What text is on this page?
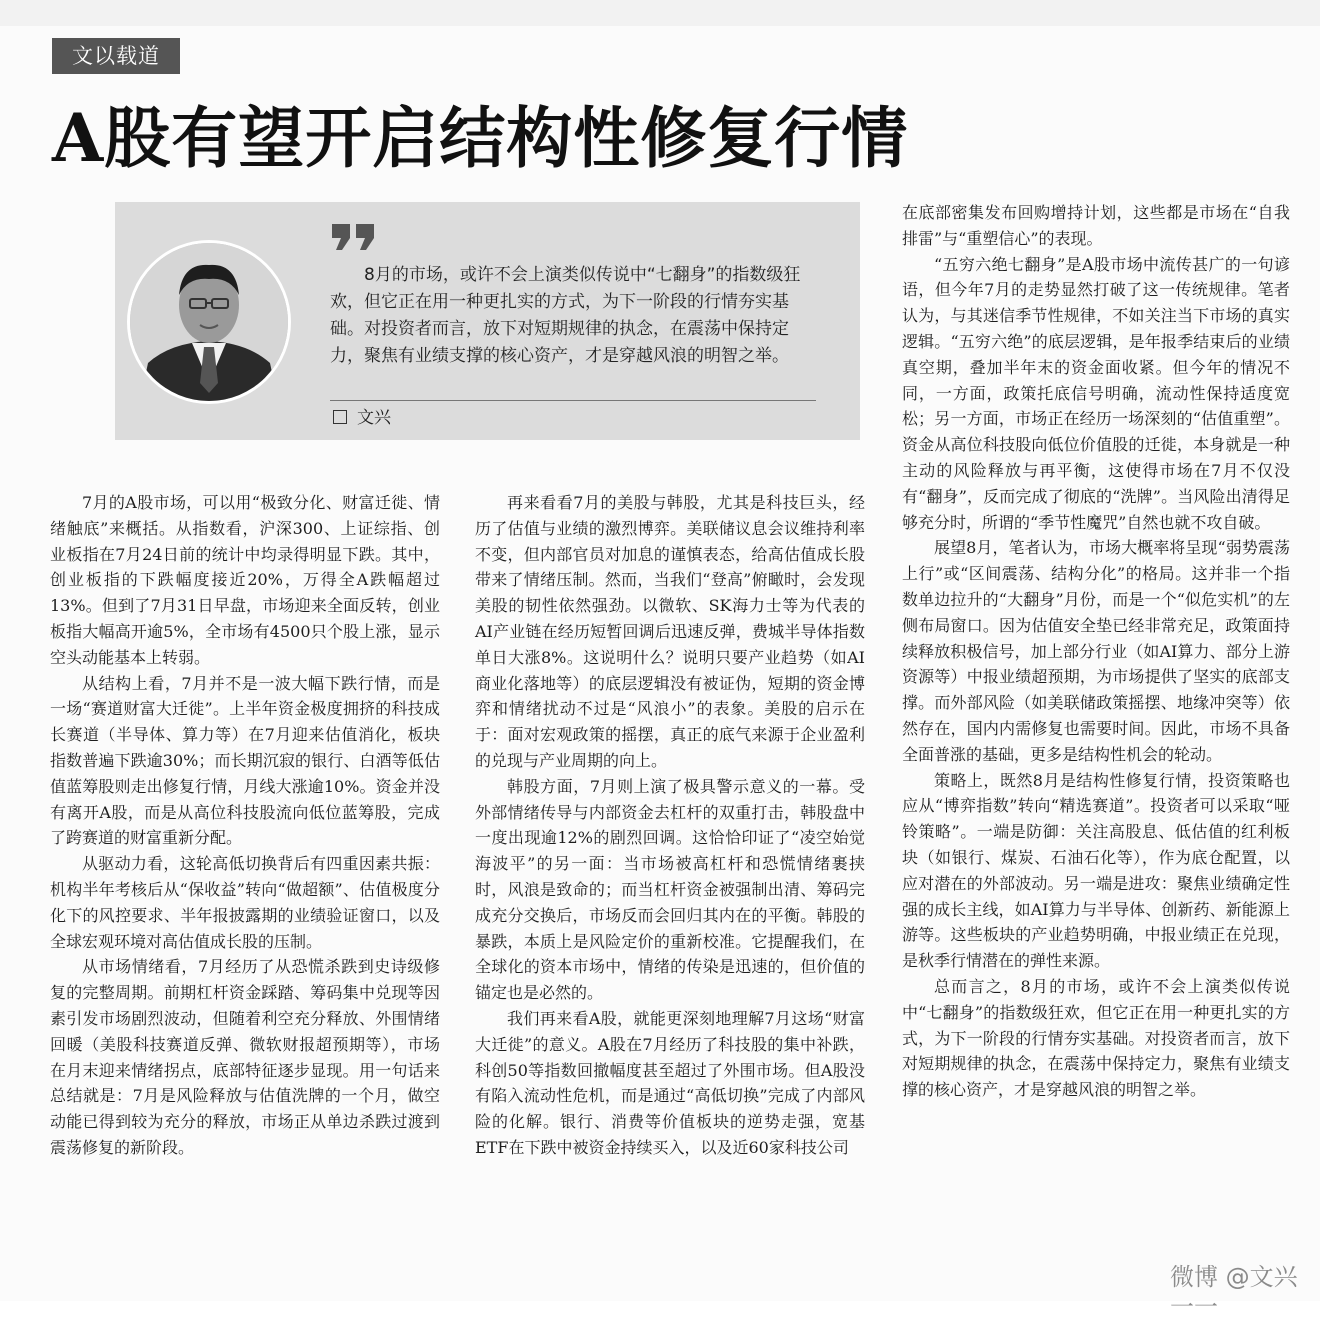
文以载道
A股有望开启结构性修复行情
8月的市场，或许不会上演类似传说中“七翻身”的指数级狂欢，但它正在用一种更扎实的方式，为下一阶段的行情夯实基础。对投资者而言，放下对短期规律的执念，在震荡中保持定力，聚焦有业绩支撑的核心资产，才是穿越风浪的明智之举。
文兴

7月的A股市场，可以用“极致分化、财富迁徙、情绪触底”来概括。从指数看，沪深300、上证综指、创业板指在7月24日前的统计中均录得明显下跌。其中，创业板指的下跌幅度接近20%，万得全A跌幅超过13%。但到了7月31日早盘，市场迎来全面反转，创业板指大幅高开逾5%，全市场有4500只个股上涨，显示空头动能基本上转弱。

从结构上看，7月并不是一波大幅下跌行情，而是一场“赛道财富大迁徙”。上半年资金极度拥挤的科技成长赛道（半导体、算力等）在7月迎来估值消化，板块指数普遍下跌逾30%；而长期沉寂的银行、白酒等低估值蓝筹股则走出修复行情，月线大涨逾10%。资金并没有离开A股，而是从高位科技股流向低位蓝筹股，完成了跨赛道的财富重新分配。

从驱动力看，这轮高低切换背后有四重因素共振：机构半年考核后从“保收益”转向“做超额”、估值极度分化下的风控要求、半年报披露期的业绩验证窗口，以及全球宏观环境对高估值成长股的压制。

从市场情绪看，7月经历了从恐慌杀跌到史诗级修复的完整周期。前期杠杆资金踩踏、筹码集中兑现等因素引发市场剧烈波动，但随着利空充分释放、外围情绪回暖（美股科技赛道反弹、微软财报超预期等），市场在月末迎来情绪拐点，底部特征逐步显现。用一句话来总结就是：7月是风险释放与估值洗牌的一个月，做空动能已得到较为充分的释放，市场正从单边杀跌过渡到震荡修复的新阶段。

再来看看7月的美股与韩股，尤其是科技巨头，经历了估值与业绩的激烈博弈。美联储议息会议维持利率不变，但内部官员对加息的谨慎表态，给高估值成长股带来了情绪压制。然而，当我们“登高”俯瞰时，会发现美股的韧性依然强劲。以微软、SK海力士等为代表的AI产业链在经历短暂回调后迅速反弹，费城半导体指数单日大涨8%。这说明什么？说明只要产业趋势（如AI商业化落地等）的底层逻辑没有被证伪，短期的资金博弈和情绪扰动不过是“风浪小”的表象。美股的启示在于：面对宏观政策的摇摆，真正的底气来源于企业盈利的兑现与产业周期的向上。

韩股方面，7月则上演了极具警示意义的一幕。受外部情绪传导与内部资金去杠杆的双重打击，韩股盘中一度出现逾12%的剧烈回调。这恰恰印证了“凌空始觉海波平”的另一面：当市场被高杠杆和恐慌情绪裹挟时，风浪是致命的；而当杠杆资金被强制出清、筹码完成充分交换后，市场反而会回归其内在的平衡。韩股的暴跌，本质上是风险定价的重新校准。它提醒我们，在全球化的资本市场中，情绪的传染是迅速的，但价值的锚定也是必然的。

我们再来看A股，就能更深刻地理解7月这场“财富大迁徙”的意义。A股在7月经历了科技股的集中补跌，科创50等指数回撤幅度甚至超过了外围市场。但A股没有陷入流动性危机，而是通过“高低切换”完成了内部风险的化解。银行、消费等价值板块的逆势走强，宽基ETF在下跌中被资金持续买入，以及近60家科技公司

在底部密集发布回购增持计划，这些都是市场在“自我排雷”与“重塑信心”的表现。

“五穷六绝七翻身”是A股市场中流传甚广的一句谚语，但今年7月的走势显然打破了这一传统规律。笔者认为，与其迷信季节性规律，不如关注当下市场的真实逻辑。“五穷六绝”的底层逻辑，是年报季结束后的业绩真空期，叠加半年末的资金面收紧。但今年的情况不同，一方面，政策托底信号明确，流动性保持适度宽松；另一方面，市场正在经历一场深刻的“估值重塑”。资金从高位科技股向低位价值股的迁徙，本身就是一种主动的风险释放与再平衡，这使得市场在7月不仅没有“翻身”，反而完成了彻底的“洗牌”。当风险出清得足够充分时，所谓的“季节性魔咒”自然也就不攻自破。

展望8月，笔者认为，市场大概率将呈现“弱势震荡上行”或“区间震荡、结构分化”的格局。这并非一个指数单边拉升的“大翻身”月份，而是一个“似危实机”的左侧布局窗口。因为估值安全垫已经非常充足，政策面持续释放积极信号，加上部分行业（如AI算力、部分上游资源等）中报业绩超预期，为市场提供了坚实的底部支撑。而外部风险（如美联储政策摇摆、地缘冲突等）依然存在，国内内需修复也需要时间。因此，市场不具备全面普涨的基础，更多是结构性机会的轮动。

策略上，既然8月是结构性修复行情，投资策略也应从“博弈指数”转向“精选赛道”。投资者可以采取“哑铃策略”。一端是防御：关注高股息、低估值的红利板块（如银行、煤炭、石油石化等），作为底仓配置，以应对潜在的外部波动。另一端是进攻：聚焦业绩确定性强的成长主线，如AI算力与半导体、创新药、新能源上游等。这些板块的产业趋势明确，中报业绩正在兑现，是秋季行情潜在的弹性来源。

总而言之，8月的市场，或许不会上演类似传说中“七翻身”的指数级狂欢，但它正在用一种更扎实的方式，为下一阶段的行情夯实基础。对投资者而言，放下对短期规律的执念，在震荡中保持定力，聚焦有业绩支撑的核心资产，才是穿越风浪的明智之举。

微博 @文兴一一
